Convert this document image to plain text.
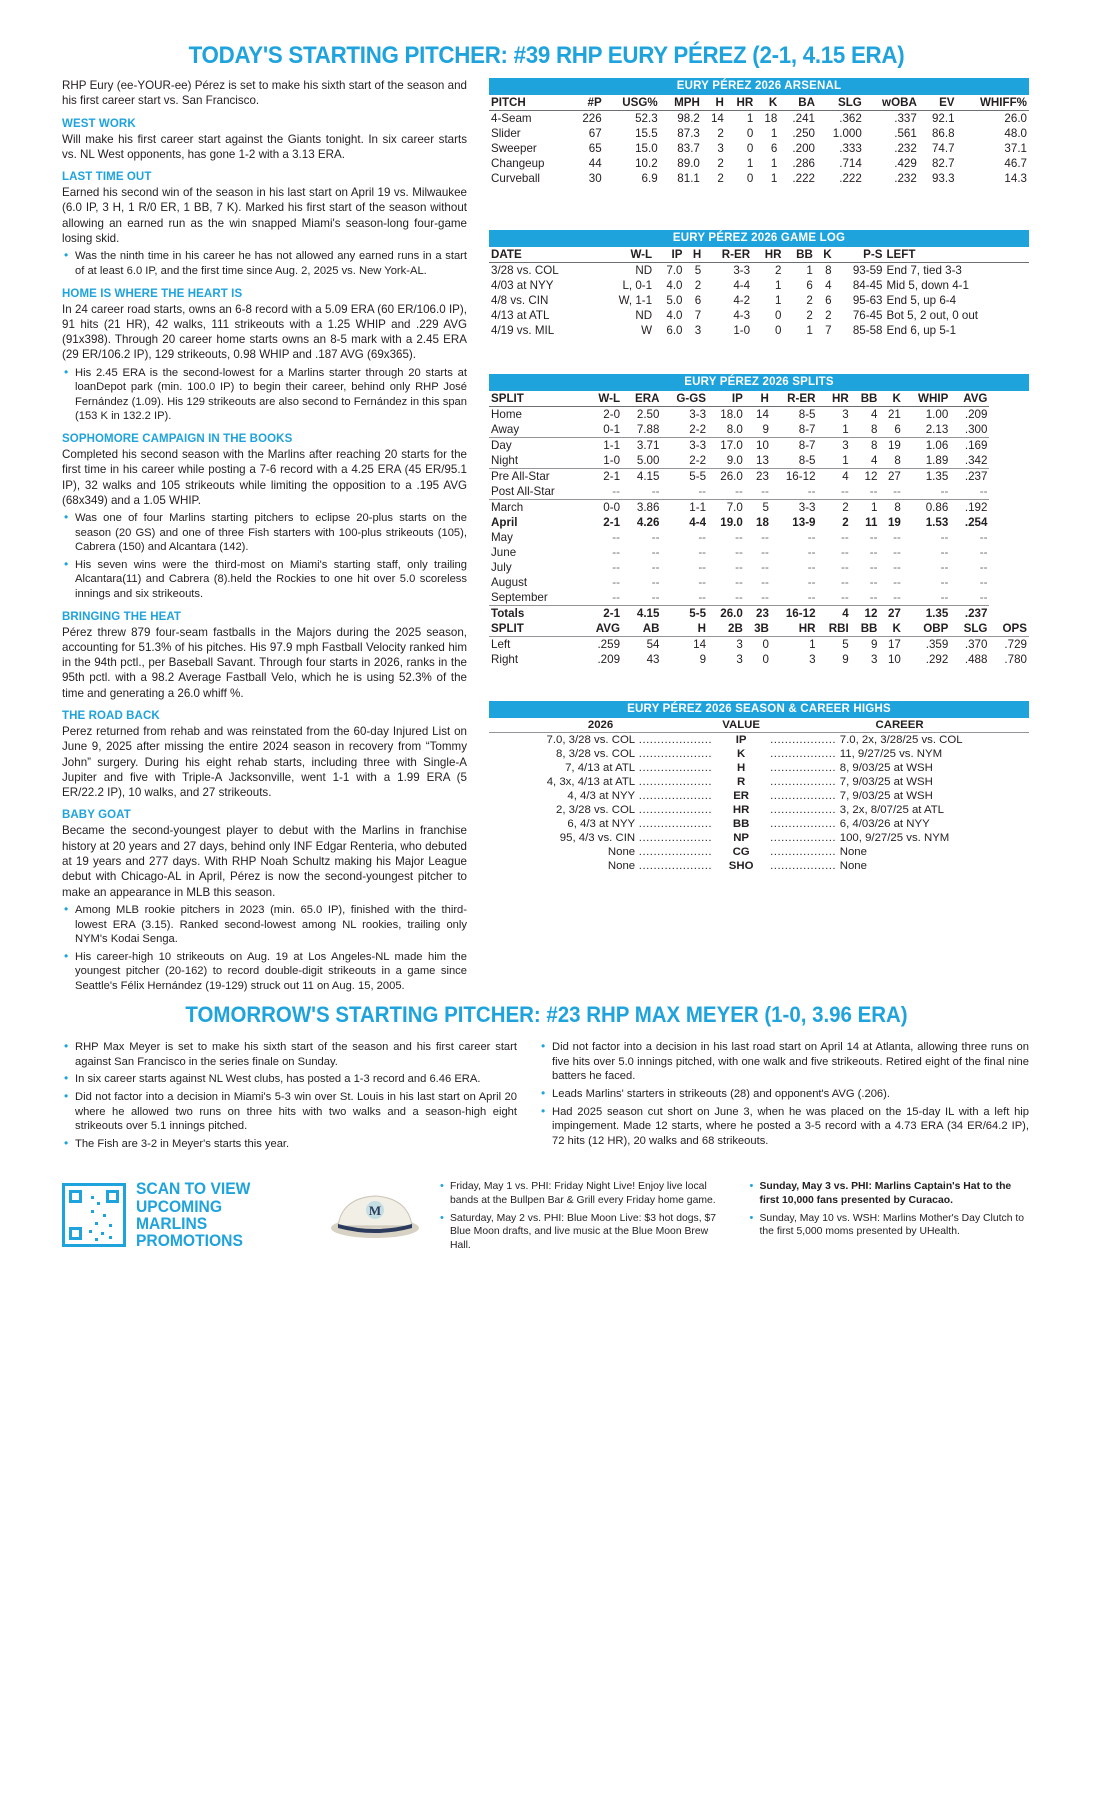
TODAY'S STARTING PITCHER: #39 RHP EURY PÉREZ (2-1, 4.15 ERA)

RHP Eury (ee-YOUR-ee) Pérez is set to make his sixth start of the season and his first career start vs. San Francisco.

WEST WORK

Will make his first career start against the Giants tonight. In six career starts vs. NL West opponents, has gone 1-2 with a 3.13 ERA.

LAST TIME OUT

Earned his second win of the season in his last start on April 19 vs. Milwaukee (6.0 IP, 3 H, 1 R/0 ER, 1 BB, 7 K). Marked his first start of the season without allowing an earned run as the win snapped Miami's season-long four-game losing skid.

• Was the ninth time in his career he has not allowed any earned runs in a start of at least 6.0 IP, and the first time since Aug. 2, 2025 vs. New York-AL.
HOME IS WHERE THE HEART IS

In 24 career road starts, owns an 6-8 record with a 5.09 ERA (60 ER/106.0 IP), 91 hits (21 HR), 42 walks, 111 strikeouts with a 1.25 WHIP and .229 AVG (91x398). Through 20 career home starts owns an 8-5 mark with a 2.45 ERA (29 ER/106.2 IP), 129 strikeouts, 0.98 WHIP and .187 AVG (69x365).

• His 2.45 ERA is the second-lowest for a Marlins starter through 20 starts at loanDepot park (min. 100.0 IP) to begin their career, behind only RHP José Fernández (1.09). His 129 strikeouts are also second to Fernández in this span (153 K in 132.2 IP).
SOPHOMORE CAMPAIGN IN THE BOOKS

Completed his second season with the Marlins after reaching 20 starts for the first time in his career while posting a 7-6 record with a 4.25 ERA (45 ER/95.1 IP), 32 walks and 105 strikeouts while limiting the opposition to a .195 AVG (68x349) and a 1.05 WHIP.

• Was one of four Marlins starting pitchers to eclipse 20-plus starts on the season (20 GS) and one of three Fish starters with 100-plus strikeouts (105), Cabrera (150) and Alcantara (142).
• His seven wins were the third-most on Miami's starting staff, only trailing Alcantara(11) and Cabrera (8).held the Rockies to one hit over 5.0 scoreless innings and six strikeouts.
BRINGING THE HEAT

Pérez threw 879 four-seam fastballs in the Majors during the 2025 season, accounting for 51.3% of his pitches. His 97.9 mph Fastball Velocity ranked him in the 94th pctl., per Baseball Savant. Through four starts in 2026, ranks in the 95th pctl. with a 98.2 Average Fastball Velo, which he is using 52.3% of the time and generating a 26.0 whiff %.

THE ROAD BACK

Perez returned from rehab and was reinstated from the 60-day Injured List on June 9, 2025 after missing the entire 2024 season in recovery from “Tommy John” surgery. During his eight rehab starts, including three with Single-A Jupiter and five with Triple-A Jacksonville, went 1-1 with a 1.99 ERA (5 ER/22.2 IP), 10 walks, and 27 strikeouts.

BABY GOAT

Became the second-youngest player to debut with the Marlins in franchise history at 20 years and 27 days, behind only INF Edgar Renteria, who debuted at 19 years and 277 days. With RHP Noah Schultz making his Major League debut with Chicago-AL in April, Pérez is now the second-youngest pitcher to make an appearance in MLB this season.

• Among MLB rookie pitchers in 2023 (min. 65.0 IP), finished with the third-lowest ERA (3.15). Ranked second-lowest among NL rookies, trailing only NYM's Kodai Senga.
• His career-high 10 strikeouts on Aug. 19 at Los Angeles-NL made him the youngest pitcher (20-162) to record double-digit strikeouts in a game since Seattle's Félix Hernández (19-129) struck out 11 on Aug. 15, 2005.
EURY PÉREZ 2026 ARSENAL
PITCH	#P	USG%	MPH	H	HR	K	BA	SLG	wOBA	EV	WHIFF%
4-Seam	226	52.3	98.2	14	1	18	.241	.362	.337	92.1	26.0
Slider	67	15.5	87.3	2	0	1	.250	1.000	.561	86.8	48.0
Sweeper	65	15.0	83.7	3	0	6	.200	.333	.232	74.7	37.1
Changeup	44	10.2	89.0	2	1	1	.286	.714	.429	82.7	46.7
Curveball	30	6.9	81.1	2	0	1	.222	.222	.232	93.3	14.3
EURY PÉREZ 2026 GAME LOG
DATE	W-L	IP	H	R-ER	HR	BB	K	P-S	LEFT
3/28 vs. COL	ND	7.0	5	3-3	2	1	8	93-59	End 7, tied 3-3
4/03 at NYY	L, 0-1	4.0	2	4-4	1	6	4	84-45	Mid 5, down 4-1
4/8 vs. CIN	W, 1-1	5.0	6	4-2	1	2	6	95-63	End 5, up 6-4
4/13 at ATL	ND	4.0	7	4-3	0	2	2	76-45	Bot 5, 2 out, 0 out
4/19 vs. MIL	W	6.0	3	1-0	0	1	7	85-58	End 6, up 5-1
EURY PÉREZ 2026 SPLITS
SPLIT	W-L	ERA	G-GS	IP	H	R-ER	HR	BB	K	WHIP	AVG	
Home	2-0	2.50	3-3	18.0	14	8-5	3	4	21	1.00	.209	
Away	0-1	7.88	2-2	8.0	9	8-7	1	8	6	2.13	.300	
Day	1-1	3.71	3-3	17.0	10	8-7	3	8	19	1.06	.169	
Night	1-0	5.00	2-2	9.0	13	8-5	1	4	8	1.89	.342	
Pre All-Star	2-1	4.15	5-5	26.0	23	16-12	4	12	27	1.35	.237	
Post All-Star	--	--	--	--	--	--	--	--	--	--	--	
March	0-0	3.86	1-1	7.0	5	3-3	2	1	8	0.86	.192	
April	2-1	4.26	4-4	19.0	18	13-9	2	11	19	1.53	.254	
May	--	--	--	--	--	--	--	--	--	--	--	
June	--	--	--	--	--	--	--	--	--	--	--	
July	--	--	--	--	--	--	--	--	--	--	--	
August	--	--	--	--	--	--	--	--	--	--	--	
September	--	--	--	--	--	--	--	--	--	--	--	
Totals	2-1	4.15	5-5	26.0	23	16-12	4	12	27	1.35	.237	
SPLIT	AVG	AB	H	2B	3B	HR	RBI	BB	K	OBP	SLG	OPS
Left	.259	54	14	3	0	1	5	9	17	.359	.370	.729
Right	.209	43	9	3	0	3	9	3	10	.292	.488	.780
EURY PÉREZ 2026 SEASON & CAREER HIGHS
2026	VALUE	CAREER
7.0, 3/28 vs. COL ....................	IP	.................. 7.0, 2x, 3/28/25 vs. COL
8, 3/28 vs. COL ....................	K	.................. 11, 9/27/25 vs. NYM
7, 4/13 at ATL ....................	H	.................. 8, 9/03/25 at WSH
4, 3x, 4/13 at ATL ....................	R	.................. 7, 9/03/25 at WSH
4, 4/3 at NYY ....................	ER	.................. 7, 9/03/25 at WSH
2, 3/28 vs. COL ....................	HR	.................. 3, 2x, 8/07/25 at ATL
6, 4/3 at NYY ....................	BB	.................. 6, 4/03/26 at NYY
95, 4/3 vs. CIN ....................	NP	.................. 100, 9/27/25 vs. NYM
None ....................	CG	.................. None
None ....................	SHO	.................. None
TOMORROW'S STARTING PITCHER: #23 RHP MAX MEYER (1-0, 3.96 ERA)
• RHP Max Meyer is set to make his sixth start of the season and his first career start against San Francisco in the series finale on Sunday.
• In six career starts against NL West clubs, has posted a 1-3 record and 6.46 ERA.
• Did not factor into a decision in Miami's 5-3 win over St. Louis in his last start on April 20 where he allowed two runs on three hits with two walks and a season-high eight strikeouts over 5.1 innings pitched.
• The Fish are 3-2 in Meyer's starts this year.
• Did not factor into a decision in his last road start on April 14 at Atlanta, allowing three runs on five hits over 5.0 innings pitched, with one walk and five strikeouts. Retired eight of the final nine batters he faced.
• Leads Marlins' starters in strikeouts (28) and opponent's AVG (.206).
• Had 2025 season cut short on June 3, when he was placed on the 15-day IL with a left hip impingement. Made 12 starts, where he posted a 3-5 record with a 4.73 ERA (34 ER/64.2 IP), 72 hits (12 HR), 20 walks and 68 strikeouts.
SCAN TO VIEW
UPCOMING
MARLINS
PROMOTIONS
M
• Friday, May 1 vs. PHI: Friday Night Live! Enjoy live local bands at the Bullpen Bar & Grill every Friday home game.
• Saturday, May 2 vs. PHI: Blue Moon Live: $3 hot dogs, $7 Blue Moon drafts, and live music at the Blue Moon Brew Hall.
• Sunday, May 3 vs. PHI: Marlins Captain's Hat to the first 10,000 fans presented by Curacao.
• Sunday, May 10 vs. WSH: Marlins Mother's Day Clutch to the first 5,000 moms presented by UHealth.
